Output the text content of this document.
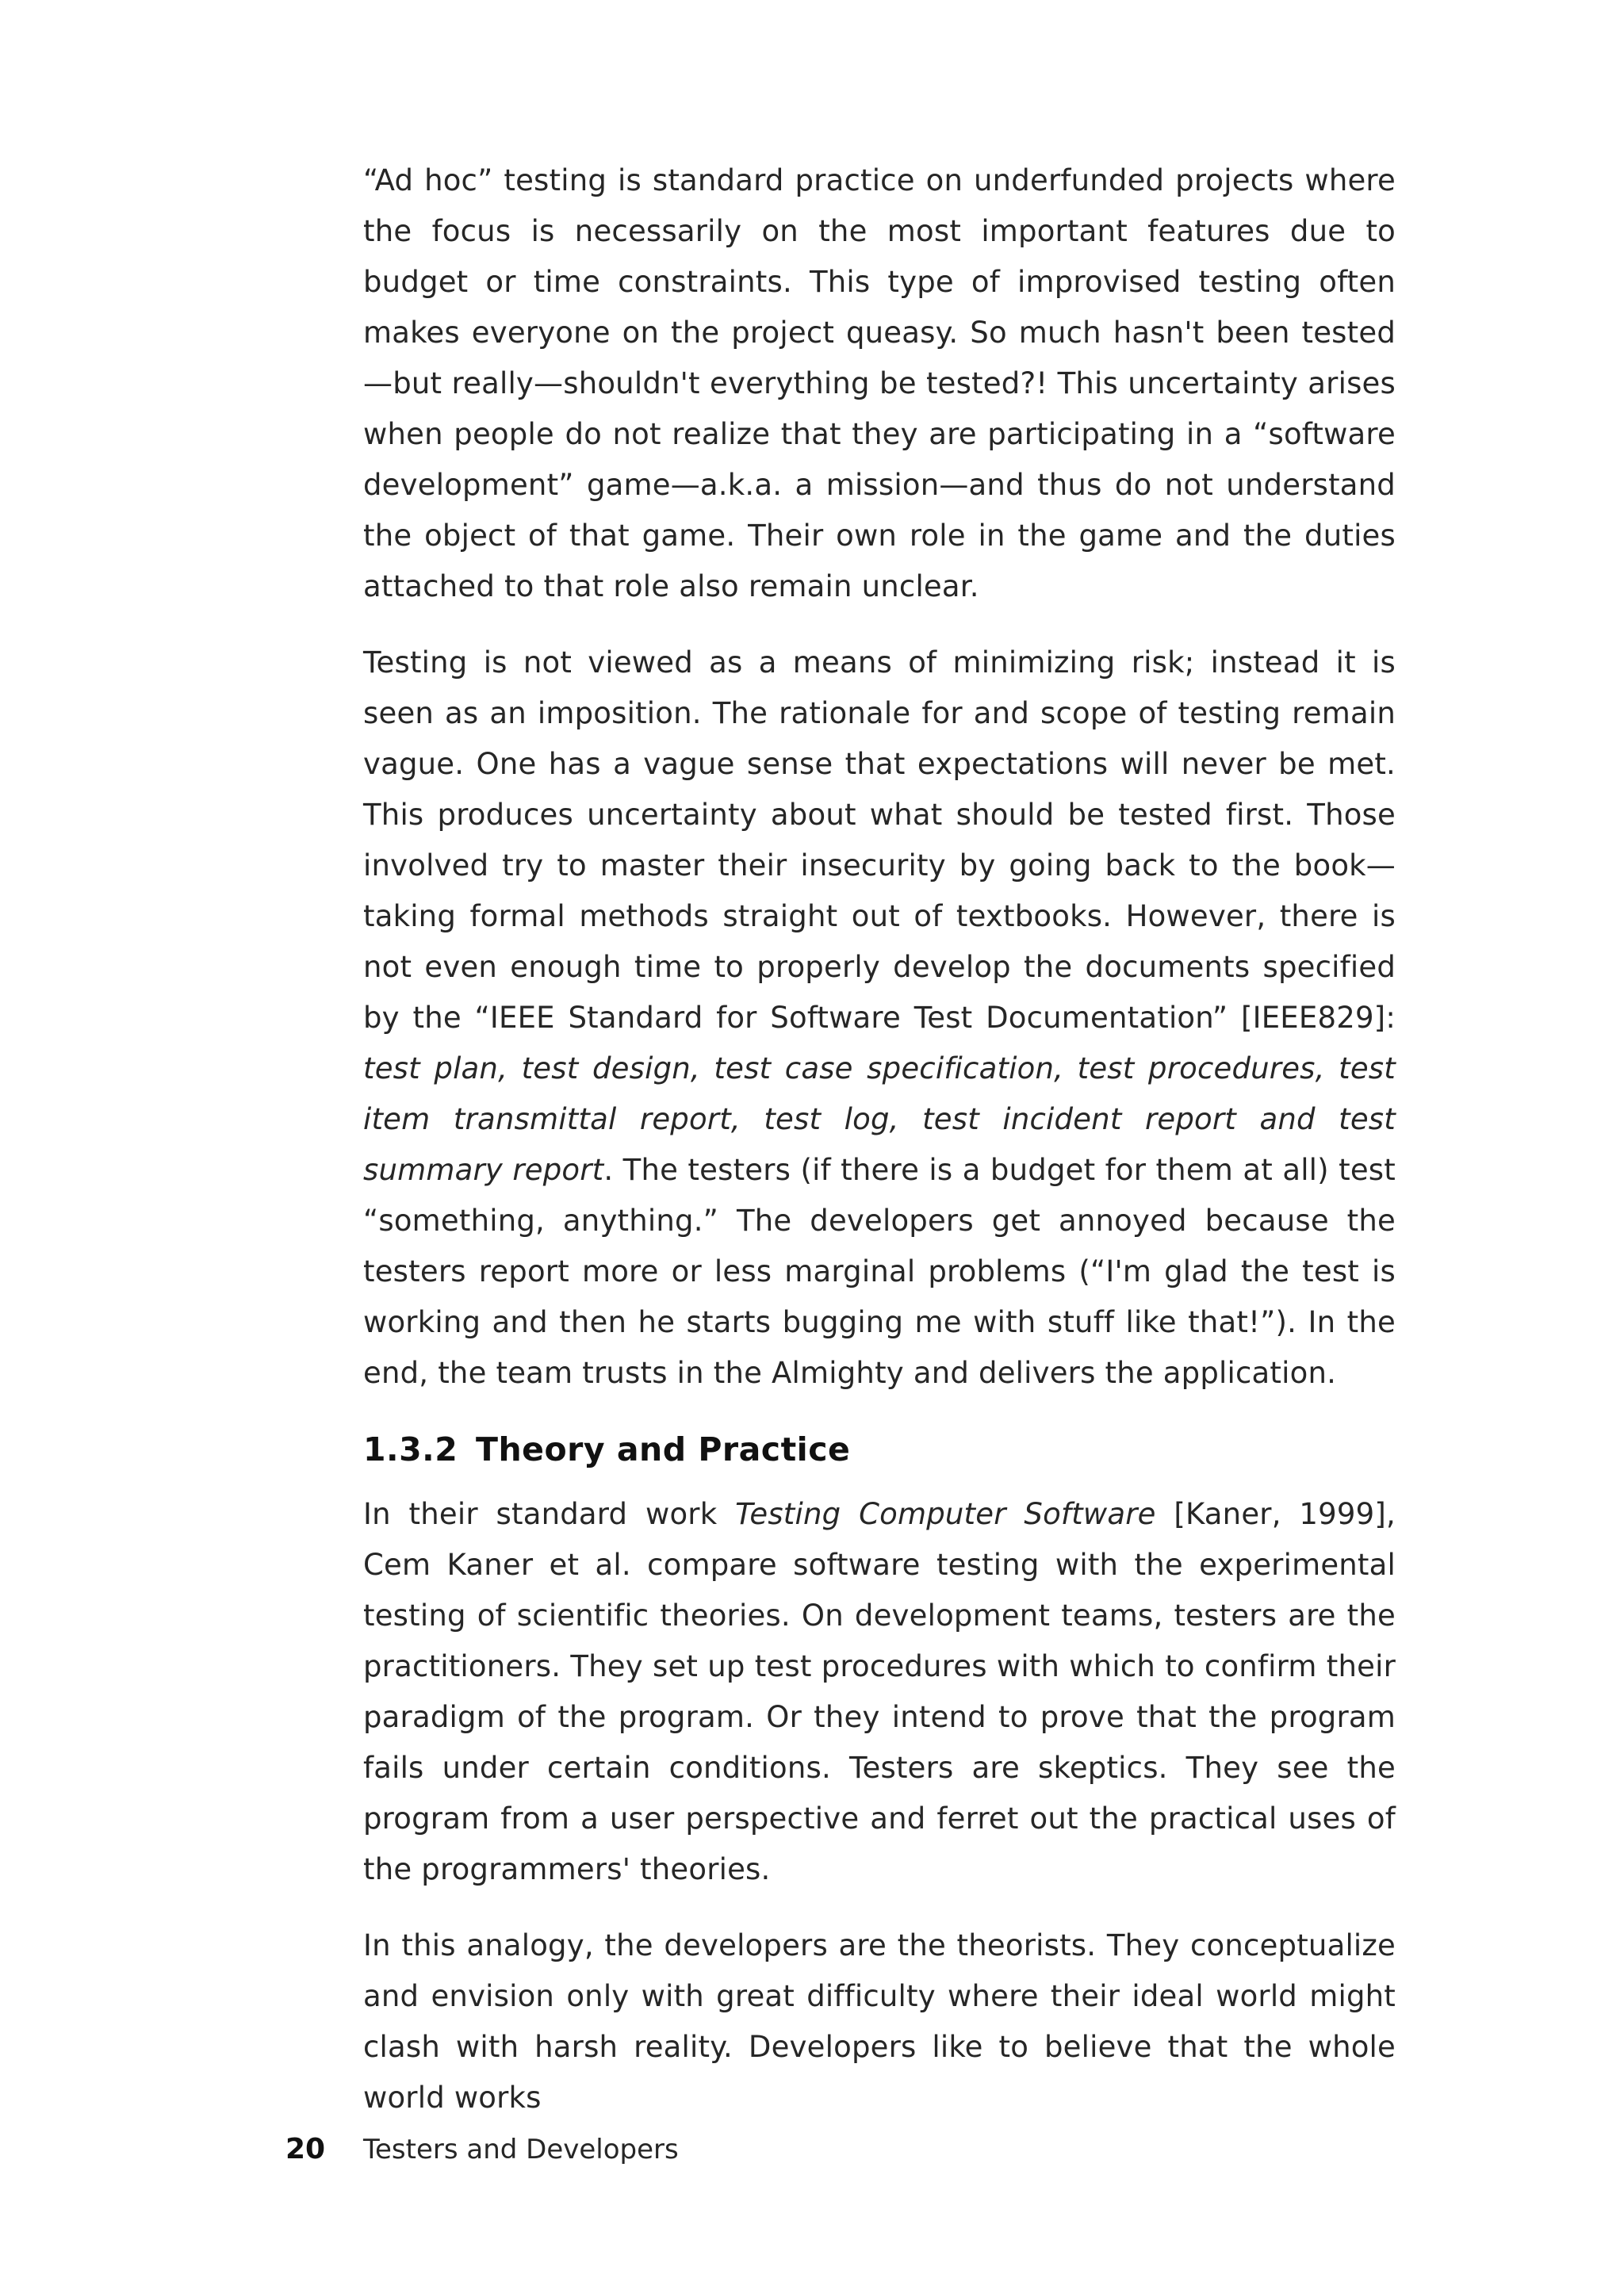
“Ad hoc” testing is standard practice on underfunded projects where the focus is necessarily on the most important features due to budget or time constraints. This type of improvised testing often makes everyone on the project queasy. So much hasn't been tested—but really—shouldn't everything be tested?! This uncertainty arises when people do not realize that they are participating in a “software development” game—a.k.a. a mission—and thus do not understand the object of that game. Their own role in the game and the duties attached to that role also remain unclear.

Testing is not viewed as a means of minimizing risk; instead it is seen as an imposition. The rationale for and scope of testing remain vague. One has a vague sense that expectations will never be met. This produces uncertainty about what should be tested first. Those involved try to master their insecurity by going back to the book—taking formal methods straight out of textbooks. However, there is not even enough time to properly develop the documents specified by the “IEEE Standard for Software Test Documentation” [IEEE829]: test plan, test design, test case specification, test procedures, test item transmittal report, test log, test incident report and test summary report. The testers (if there is a budget for them at all) test “something, anything.” The developers get annoyed because the testers report more or less marginal problems (“I'm glad the test is working and then he starts bugging me with stuff like that!”). In the end, the team trusts in the Almighty and delivers the application.

1.3.2 Theory and Practice

In their standard work Testing Computer Software [Kaner, 1999], Cem Kaner et al. compare software testing with the experimental testing of scientific theories. On development teams, testers are the practitioners. They set up test procedures with which to confirm their paradigm of the program. Or they intend to prove that the program fails under certain conditions. Testers are skeptics. They see the program from a user perspective and ferret out the practical uses of the programmers' theories.

In this analogy, the developers are the theorists. They conceptualize and envision only with great difficulty where their ideal world might clash with harsh reality. Developers like to believe that the whole world works

20	Testers and Developers
